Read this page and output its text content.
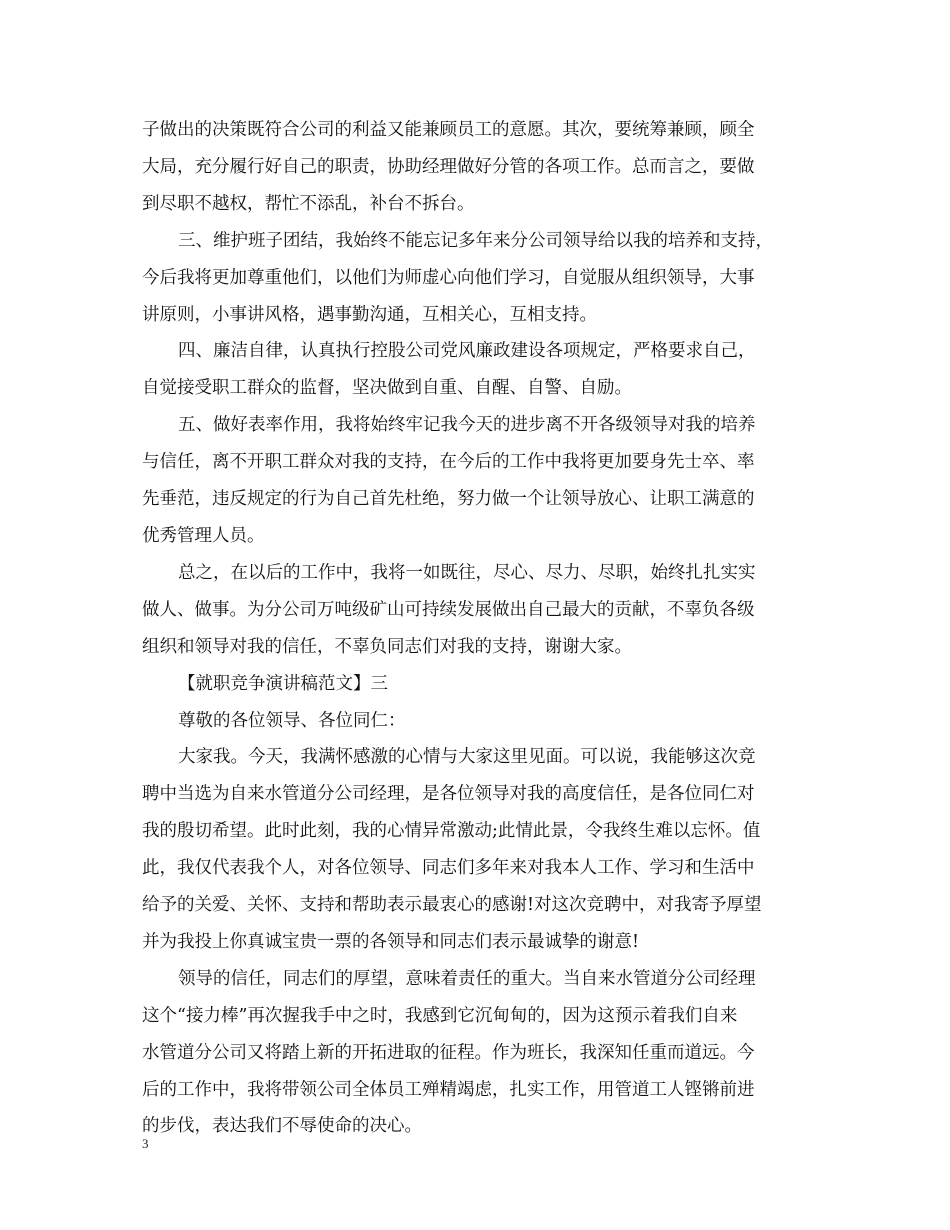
子做出的决策既符合公司的利益又能兼顾员工的意愿。其次，要统筹兼顾，顾全
大局，充分履行好自己的职责，协助经理做好分管的各项工作。总而言之，要做
到尽职不越权，帮忙不添乱，补台不拆台。

三、维护班子团结，我始终不能忘记多年来分公司领导给以我的培养和支持，
今后我将更加尊重他们，以他们为师虚心向他们学习，自觉服从组织领导，大事
讲原则，小事讲风格，遇事勤沟通，互相关心，互相支持。

四、廉洁自律，认真执行控股公司党风廉政建设各项规定，严格要求自己，
自觉接受职工群众的监督，坚决做到自重、自醒、自警、自励。

五、做好表率作用，我将始终牢记我今天的进步离不开各级领导对我的培养
与信任，离不开职工群众对我的支持，在今后的工作中我将更加要身先士卒、率
先垂范，违反规定的行为自己首先杜绝，努力做一个让领导放心、让职工满意的
优秀管理人员。

总之，在以后的工作中，我将一如既往，尽心、尽力、尽职，始终扎扎实实
做人、做事。为分公司万吨级矿山可持续发展做出自己最大的贡献，不辜负各级
组织和领导对我的信任，不辜负同志们对我的支持，谢谢大家。

【就职竞争演讲稿范文】三

尊敬的各位领导、各位同仁：

大家我。今天，我满怀感激的心情与大家这里见面。可以说，我能够这次竞
聘中当选为自来水管道分公司经理，是各位领导对我的高度信任，是各位同仁对
我的殷切希望。此时此刻，我的心情异常激动;此情此景，令我终生难以忘怀。值
此，我仅代表我个人，对各位领导、同志们多年来对我本人工作、学习和生活中
给予的关爱、关怀、支持和帮助表示最衷心的感谢!对这次竞聘中，对我寄予厚望
并为我投上你真诚宝贵一票的各领导和同志们表示最诚挚的谢意!

领导的信任，同志们的厚望，意味着责任的重大。当自来水管道分公司经理
这个“接力棒”再次握我手中之时，我感到它沉甸甸的，因为这预示着我们自来
水管道分公司又将踏上新的开拓进取的征程。作为班长，我深知任重而道远。今
后的工作中，我将带领公司全体员工殚精竭虑，扎实工作，用管道工人铿锵前进
的步伐，表达我们不辱使命的决心。

3
